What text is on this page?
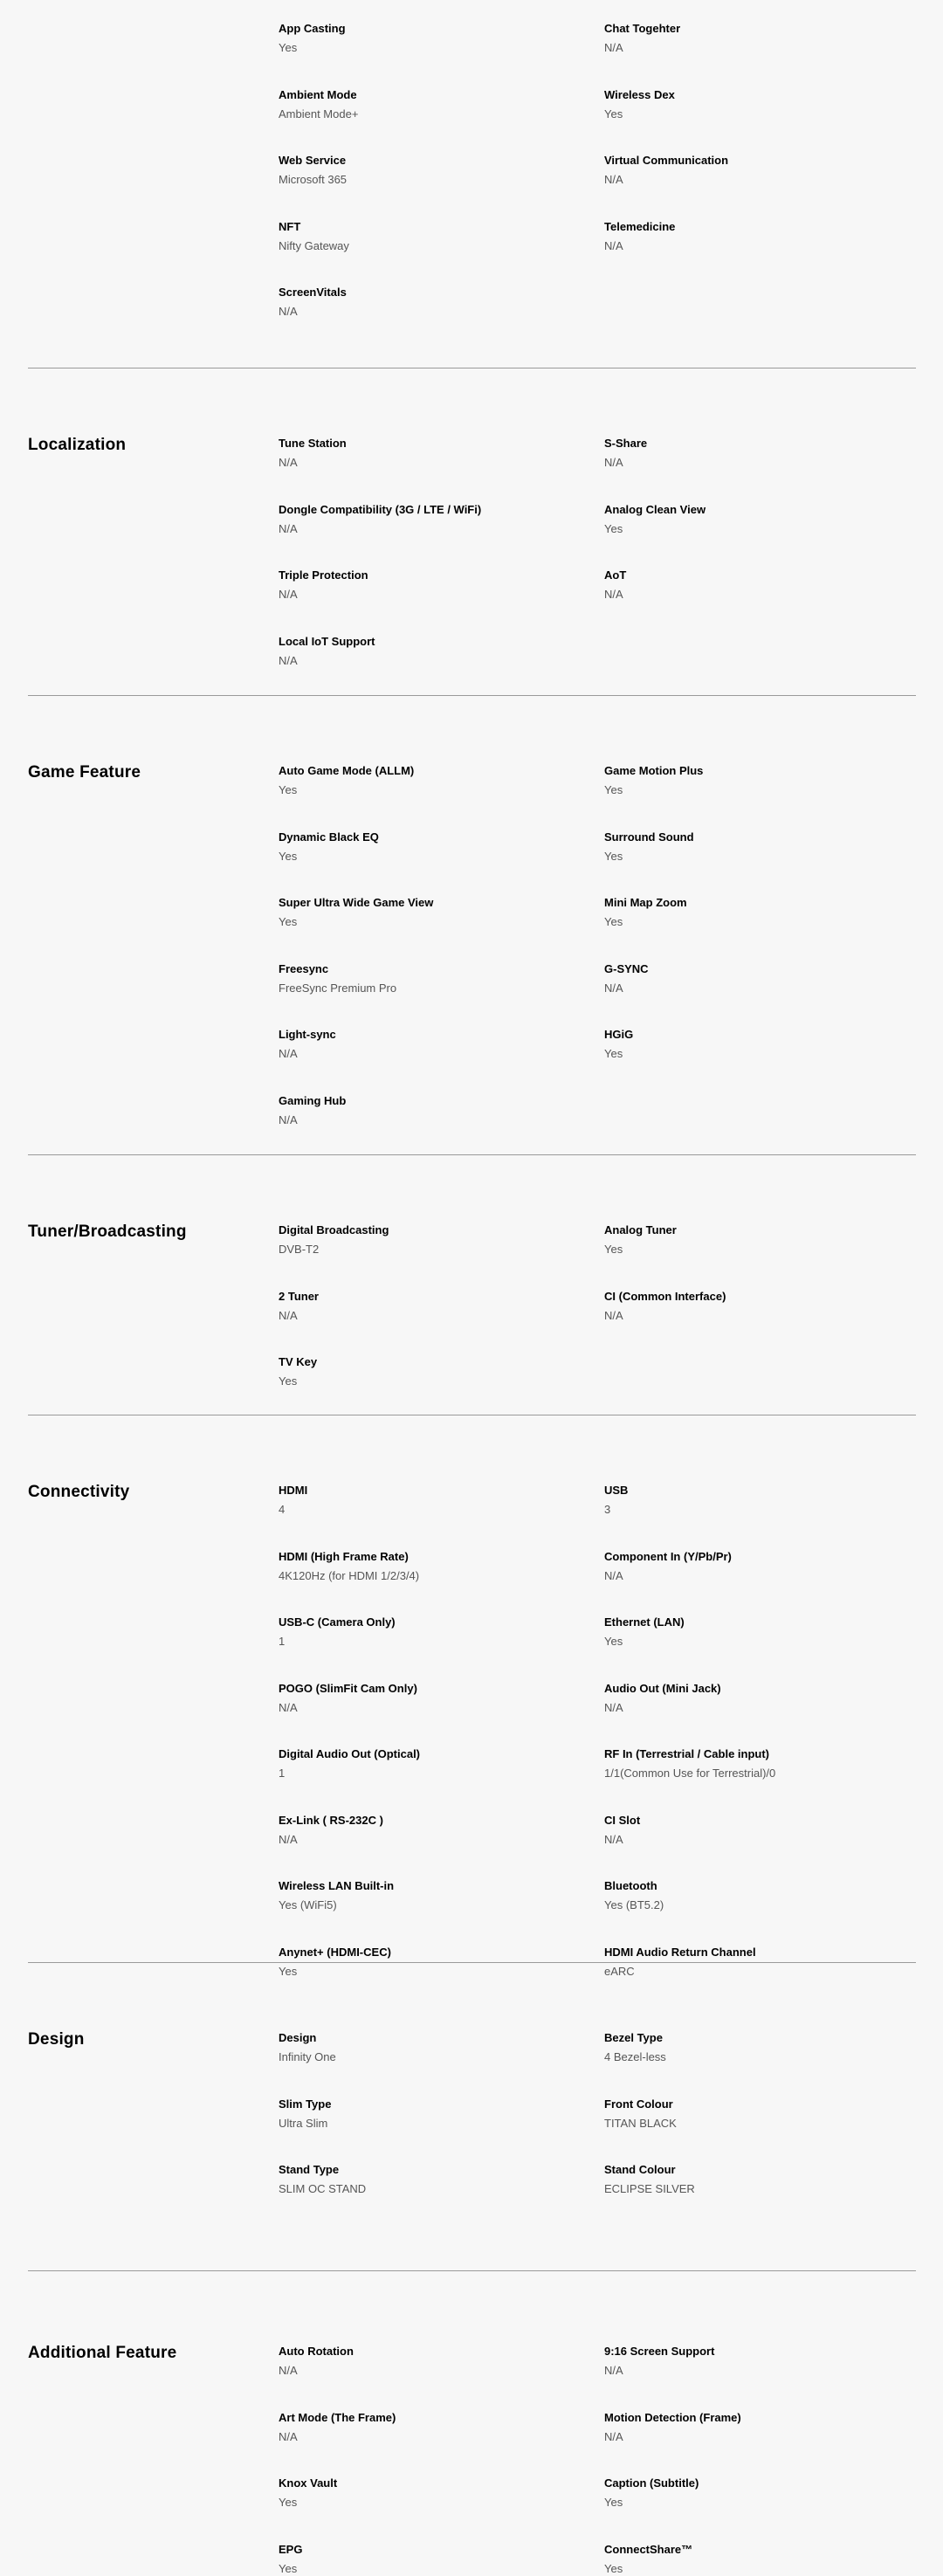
App Casting
Yes
Chat Togehter
N/A
Ambient Mode
Ambient Mode+
Wireless Dex
Yes
Web Service
Microsoft 365
Virtual Communication
N/A
NFT
Nifty Gateway
Telemedicine
N/A
ScreenVitals
N/A
Localization	Tune Station
N/A
S-Share
N/A
Dongle Compatibility (3G / LTE / WiFi)
N/A
Analog Clean View
Yes
Triple Protection
N/A
AoT
N/A
Local IoT Support
N/A
Game Feature	Auto Game Mode (ALLM)
Yes
Game Motion Plus
Yes
Dynamic Black EQ
Yes
Surround Sound
Yes
Super Ultra Wide Game View
Yes
Mini Map Zoom
Yes
Freesync
FreeSync Premium Pro
G-SYNC
N/A
Light-sync
N/A
HGiG
Yes
Gaming Hub
N/A
Tuner/Broadcasting	Digital Broadcasting
DVB-T2
Analog Tuner
Yes
2 Tuner
N/A
CI (Common Interface)
N/A
TV Key
Yes
Connectivity	HDMI
4
USB
3
HDMI (High Frame Rate)
4K120Hz (for HDMI 1/2/3/4)
Component In (Y/Pb/Pr)
N/A
USB-C (Camera Only)
1
Ethernet (LAN)
Yes
POGO (SlimFit Cam Only)
N/A
Audio Out (Mini Jack)
N/A
Digital Audio Out (Optical)
1
RF In (Terrestrial / Cable input)
1/1(Common Use for Terrestrial)/0
Ex-Link ( RS-232C )
N/A
CI Slot
N/A
Wireless LAN Built-in
Yes (WiFi5)
Bluetooth
Yes (BT5.2)
Anynet+ (HDMI-CEC)
Yes
HDMI Audio Return Channel
eARC
Design	Design
Infinity One
Bezel Type
4 Bezel-less
Slim Type
Ultra Slim
Front Colour
TITAN BLACK
Stand Type
SLIM OC STAND
Stand Colour
ECLIPSE SILVER
Additional Feature	Auto Rotation
N/A
9:16 Screen Support
N/A
Art Mode (The Frame)
N/A
Motion Detection (Frame)
N/A
Knox Vault
Yes
Caption (Subtitle)
Yes
EPG
Yes
ConnectShare™
Yes
